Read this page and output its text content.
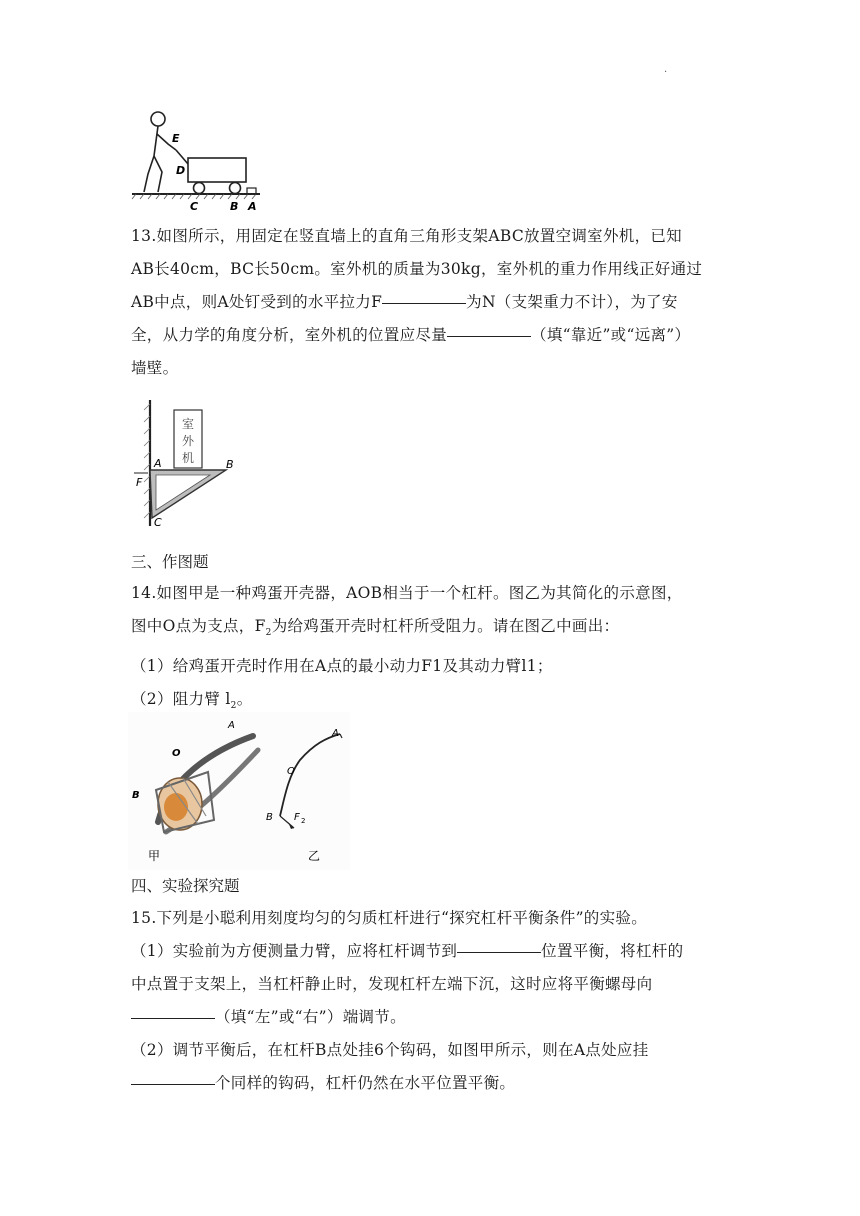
.
E
D
C	B A
13.如图所示，用固定在竖直墙上的直角三角形支架ABC放置空调室外机，已知
AB长40cm，BC长50cm。室外机的质量为30kg，室外机的重力作用线正好通过
AB中点，则A处钉受到的水平拉力F	为N（支架重力不计），为了安
全，从力学的角度分析，室外机的位置应尽量	（填“靠近”或“远离”）
墙壁。
室
外
机
A	B
F
C
三、作图题
14.如图甲是一种鸡蛋开壳器，AOB相当于一个杠杆。图乙为其简化的示意图，
图中O点为支点，$F_2$为给鸡蛋开壳时杠杆所受阻力。请在图乙中画出：
（1）给鸡蛋开壳时作用在A点的最小动力F1及其动力臂l1；
（2）阻力臂 $l_2$。
A
O
B
A
O
B F 2
甲	乙
四、实验探究题
15.下列是小聪利用刻度均匀的匀质杠杆进行“探究杠杆平衡条件”的实验。
（1）实验前为方便测量力臂，应将杠杆调节到	位置平衡，将杠杆的
中点置于支架上，当杠杆静止时，发现杠杆左端下沉，这时应将平衡螺母向
（填“左”或“右”）端调节。
（2）调节平衡后，在杠杆B点处挂6个钩码，如图甲所示，则在A点处应挂
个同样的钩码，杠杆仍然在水平位置平衡。
